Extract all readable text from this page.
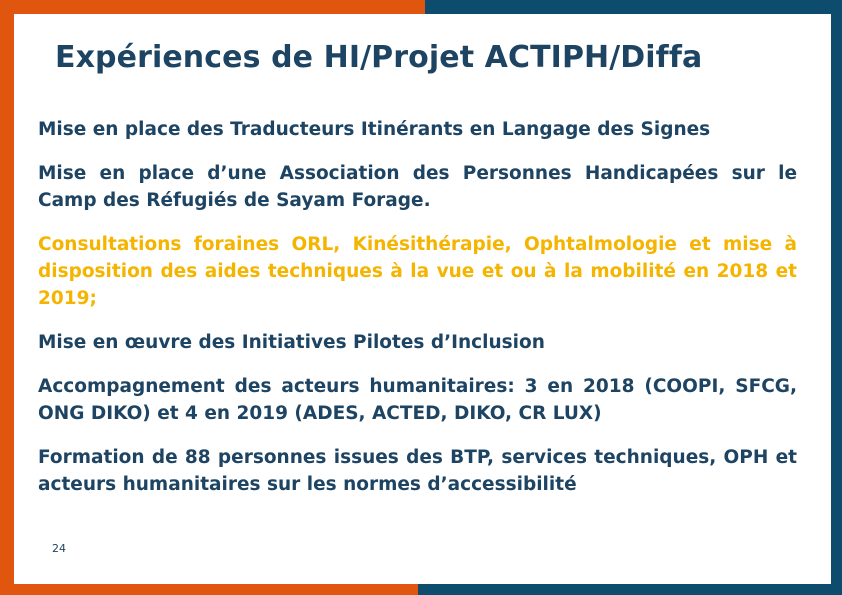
Expériences de HI/Projet ACTIPH/Diffa

Mise en place des Traducteurs Itinérants en Langage des Signes

Mise en place d’une Association des Personnes Handicapées sur le Camp des Réfugiés de Sayam Forage.

Consultations foraines ORL, Kinésithérapie, Ophtalmologie et mise à disposition des aides techniques à la vue et ou à la mobilité en 2018 et 2019;

Mise en œuvre des Initiatives Pilotes d’Inclusion

Accompagnement des acteurs humanitaires: 3 en 2018 (COOPI, SFCG, ONG DIKO) et 4 en 2019 (ADES, ACTED, DIKO, CR LUX)

Formation de 88 personnes issues des BTP, services techniques, OPH et acteurs humanitaires sur les normes d’accessibilité

24
